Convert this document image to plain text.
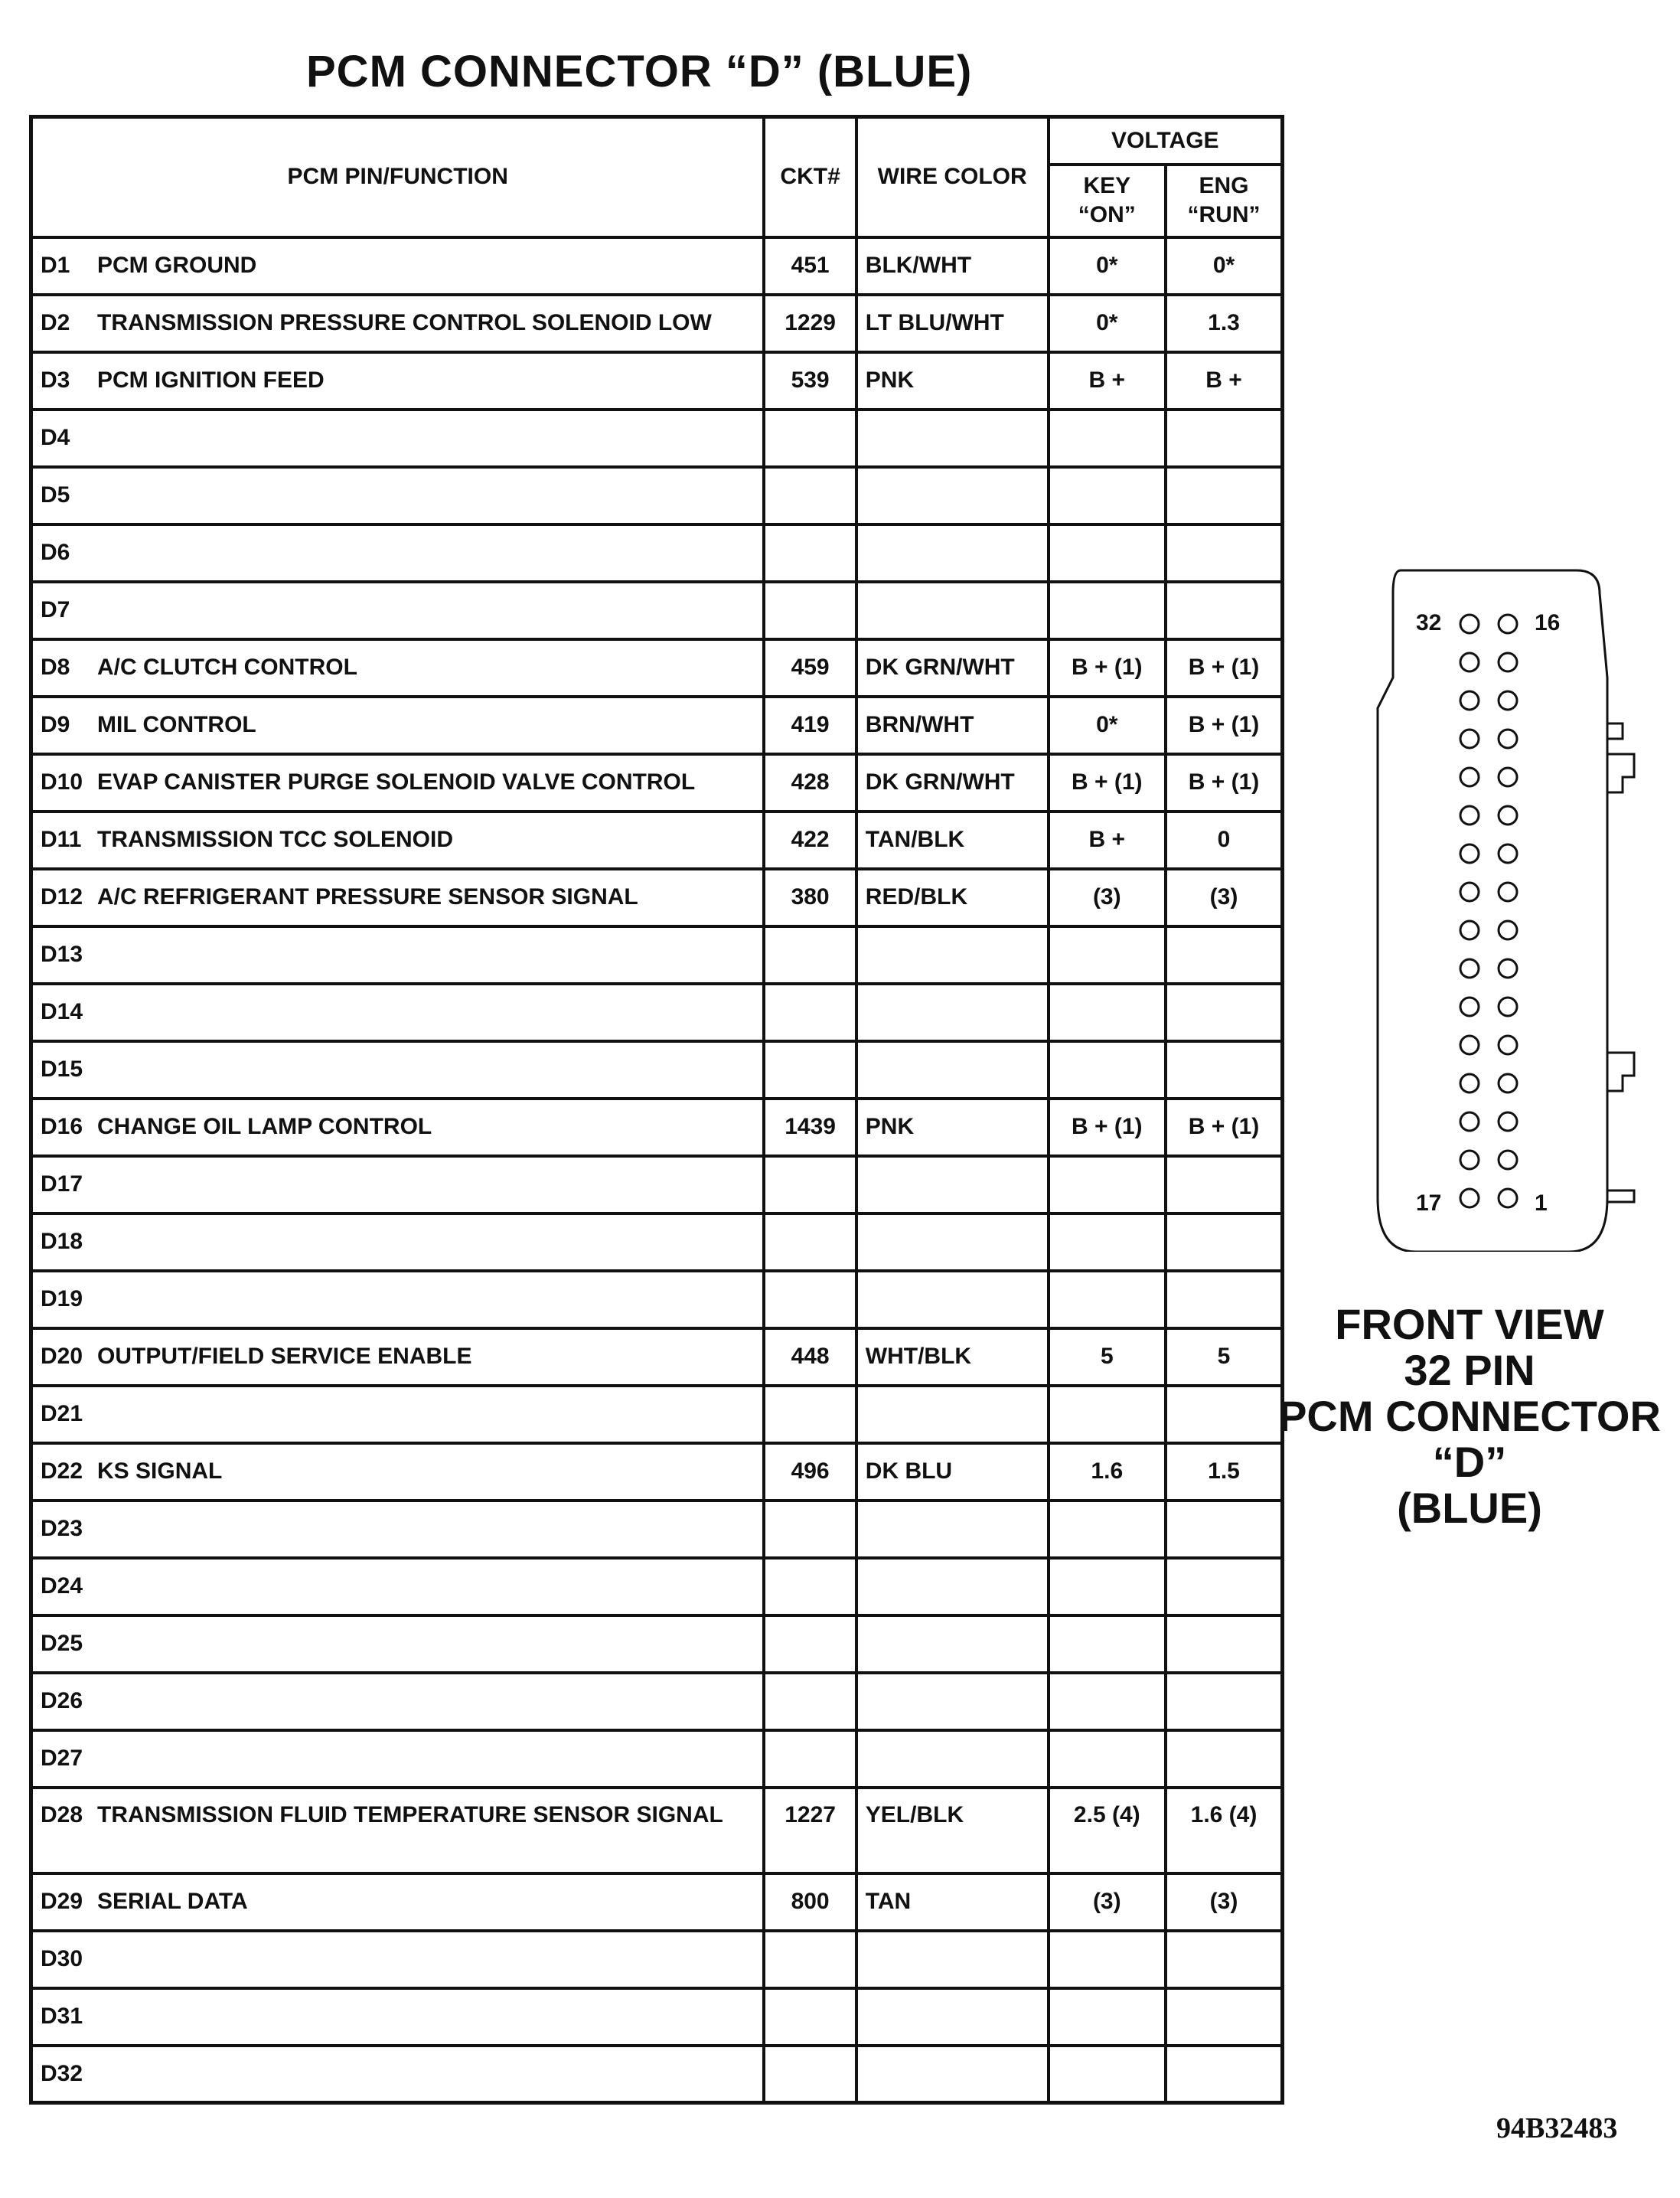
PCM CONNECTOR “D” (BLUE)
PCM PIN/FUNCTION	CKT#	WIRE COLOR	VOLTAGE	
			KEY “ON”	ENG “RUN”

D1 PCM GROUND	451	BLK/WHT	0*	0*

D2 TRANSMISSION PRESSURE CONTROL SOLENOID LOW	1229	LT BLU/WHT	0*	1.3

D3 PCM IGNITION FEED	539	PNK	B +	B +

D4				

D5				

D6				

D7				

D8 A/C CLUTCH CONTROL	459	DK GRN/WHT	B + (1)	B + (1)

D9 MIL CONTROL	419	BRN/WHT	0*	B + (1)

D10 EVAP CANISTER PURGE SOLENOID VALVE CONTROL	428	DK GRN/WHT	B + (1)	B + (1)

D11 TRANSMISSION TCC SOLENOID	422	TAN/BLK	B +	0

D12 A/C REFRIGERANT PRESSURE SENSOR SIGNAL	380	RED/BLK	(3)	(3)

D13				

D14				

D15				

D16 CHANGE OIL LAMP CONTROL	1439	PNK	B + (1)	B + (1)

D17				

D18				

D19				

D20 OUTPUT/FIELD SERVICE ENABLE	448	WHT/BLK	5	5

D21				

D22 KS SIGNAL	496	DK BLU	1.6	1.5

D23				

D24				

D25				

D26				

D27				

D28 TRANSMISSION FLUID TEMPERATURE SENSOR SIGNAL	1227	YEL/BLK	2.5 (4)	1.6 (4)

D29 SERIAL DATA	800	TAN	(3)	(3)

D30				

D31				

D32				

32	16
17	1
FRONT VIEW
32 PIN
PCM CONNECTOR
“D”
(BLUE)
94B32483
